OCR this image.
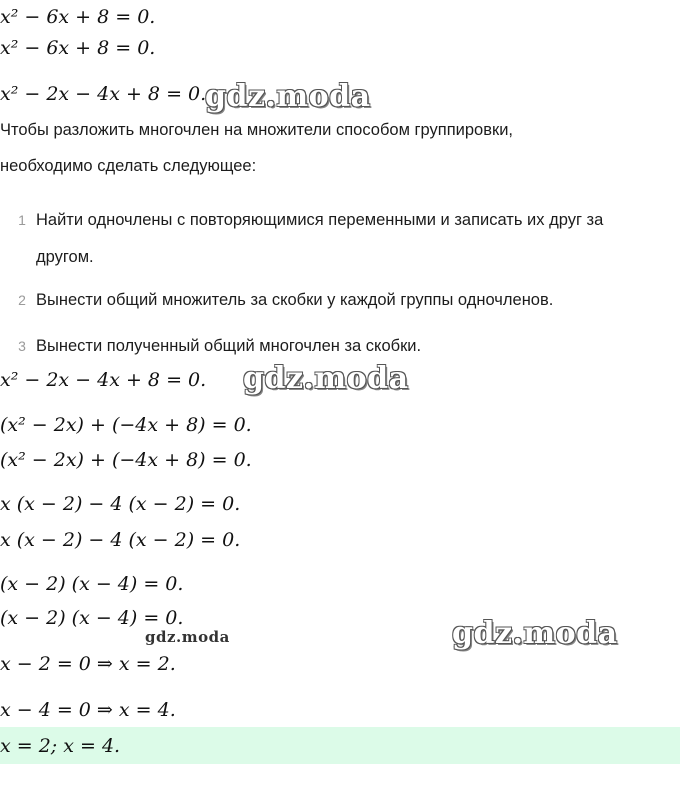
x² − 6x + 8 = 0.
x² − 6x + 8 = 0.
x² − 2x − 4x + 8 = 0.
Чтобы разложить многочлен на множители способом группировки,
необходимо сделать следующее:
1 Найти одночлены с повторяющимися переменными и записать их друг за
другом.
2 Вынести общий множитель за скобки у каждой группы одночленов.
3 Вынести полученный общий многочлен за скобки.
x² − 2x − 4x + 8 = 0.
(x² − 2x) + (−4x + 8) = 0.
(x² − 2x) + (−4x + 8) = 0.
x (x − 2) − 4 (x − 2) = 0.
x (x − 2) − 4 (x − 2) = 0.
(x − 2) (x − 4) = 0.
(x − 2) (x − 4) = 0.
x − 2 = 0 ⇒ x = 2.
x − 4 = 0 ⇒ x = 4.
x = 2; x = 4.
gdz.moda
gdz.moda
gdz.moda
gdz.moda
